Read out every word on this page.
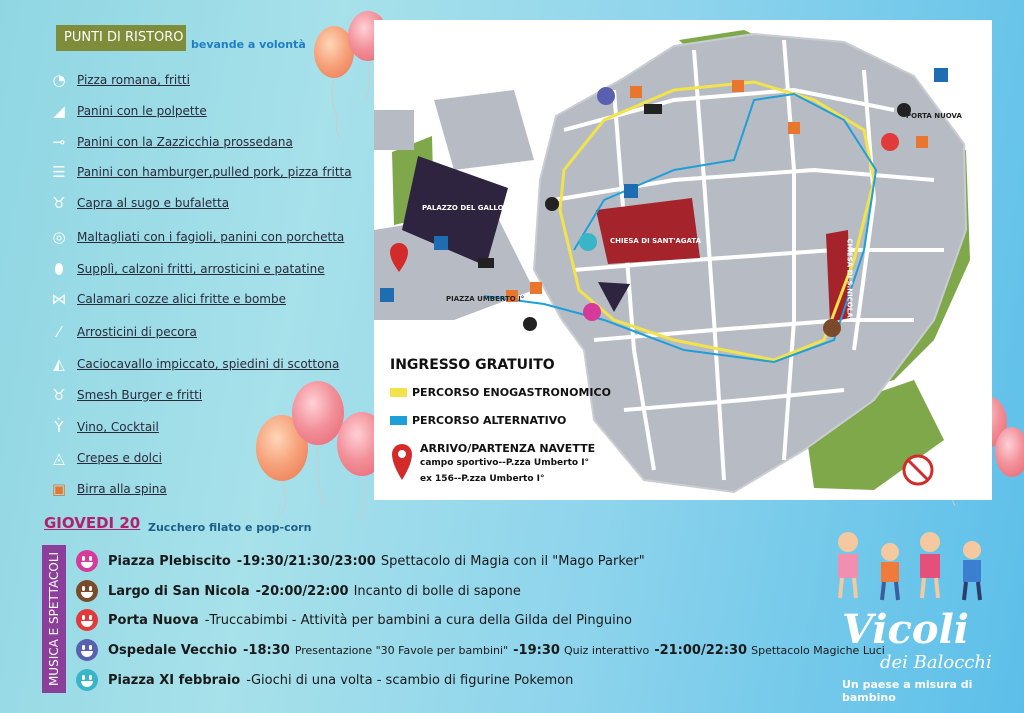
PUNTI DI RISTORO bevande a volontà
◔ Pizza romana, fritti
◢	Panini con le polpette
⊸ Panini con la Zazzicchia prossedana
☰ Panini con hamburger,pulled pork, pizza fritta
♉ Capra al sugo e bufaletta
◎ Maltagliati con i fagioli, panini con porchetta
⬮	Supplì, calzoni fritti, arrosticini e patatine
⋈ Calamari cozze alici fritte e bombe
⁄	Arrosticini di pecora
◭	Caciocavallo impiccato, spiedini di scottona
♉ Smesh Burger e fritti
Ỳ	Vino, Cocktail
◬	Crepes e dolci
▣ Birra alla spina
PALAZZO DEL GALLO
CHIESA DI SANT'AGATA	CHIESA DI S.NICOLA
PIAZZA UMBERTO I°
PORTA NUOVA
INGRESSO GRATUITO
PERCORSO ENOGASTRONOMICO
PERCORSO ALTERNATIVO
ARRIVO/PARTENZA NAVETTE
campo sportivo--P.zza Umberto I°
ex 156--P.zza Umberto I°
GIOVEDI 20 Zucchero filato e pop-corn
MUSICA E SPETTACOLI	Piazza Plebiscito - 19:30/21:30/23:00 Spettacolo di Magia con il "Mago Parker"
Largo di San Nicola - 20:00/22:00 Incanto di bolle di sapone
Porta Nuova - Truccabimbi - Attività per bambini a cura della Gilda del Pinguino
Ospedale Vecchio - 18:30 Presentazione "30 Favole per bambini" - 19:30 Quiz interattivo - 21:00/22:30 Spettacolo Magiche Luci
Piazza XI febbraio - Giochi di una volta - scambio di figurine Pokemon
Vicoli
dei Balocchi
Un paese a misura di bambino
